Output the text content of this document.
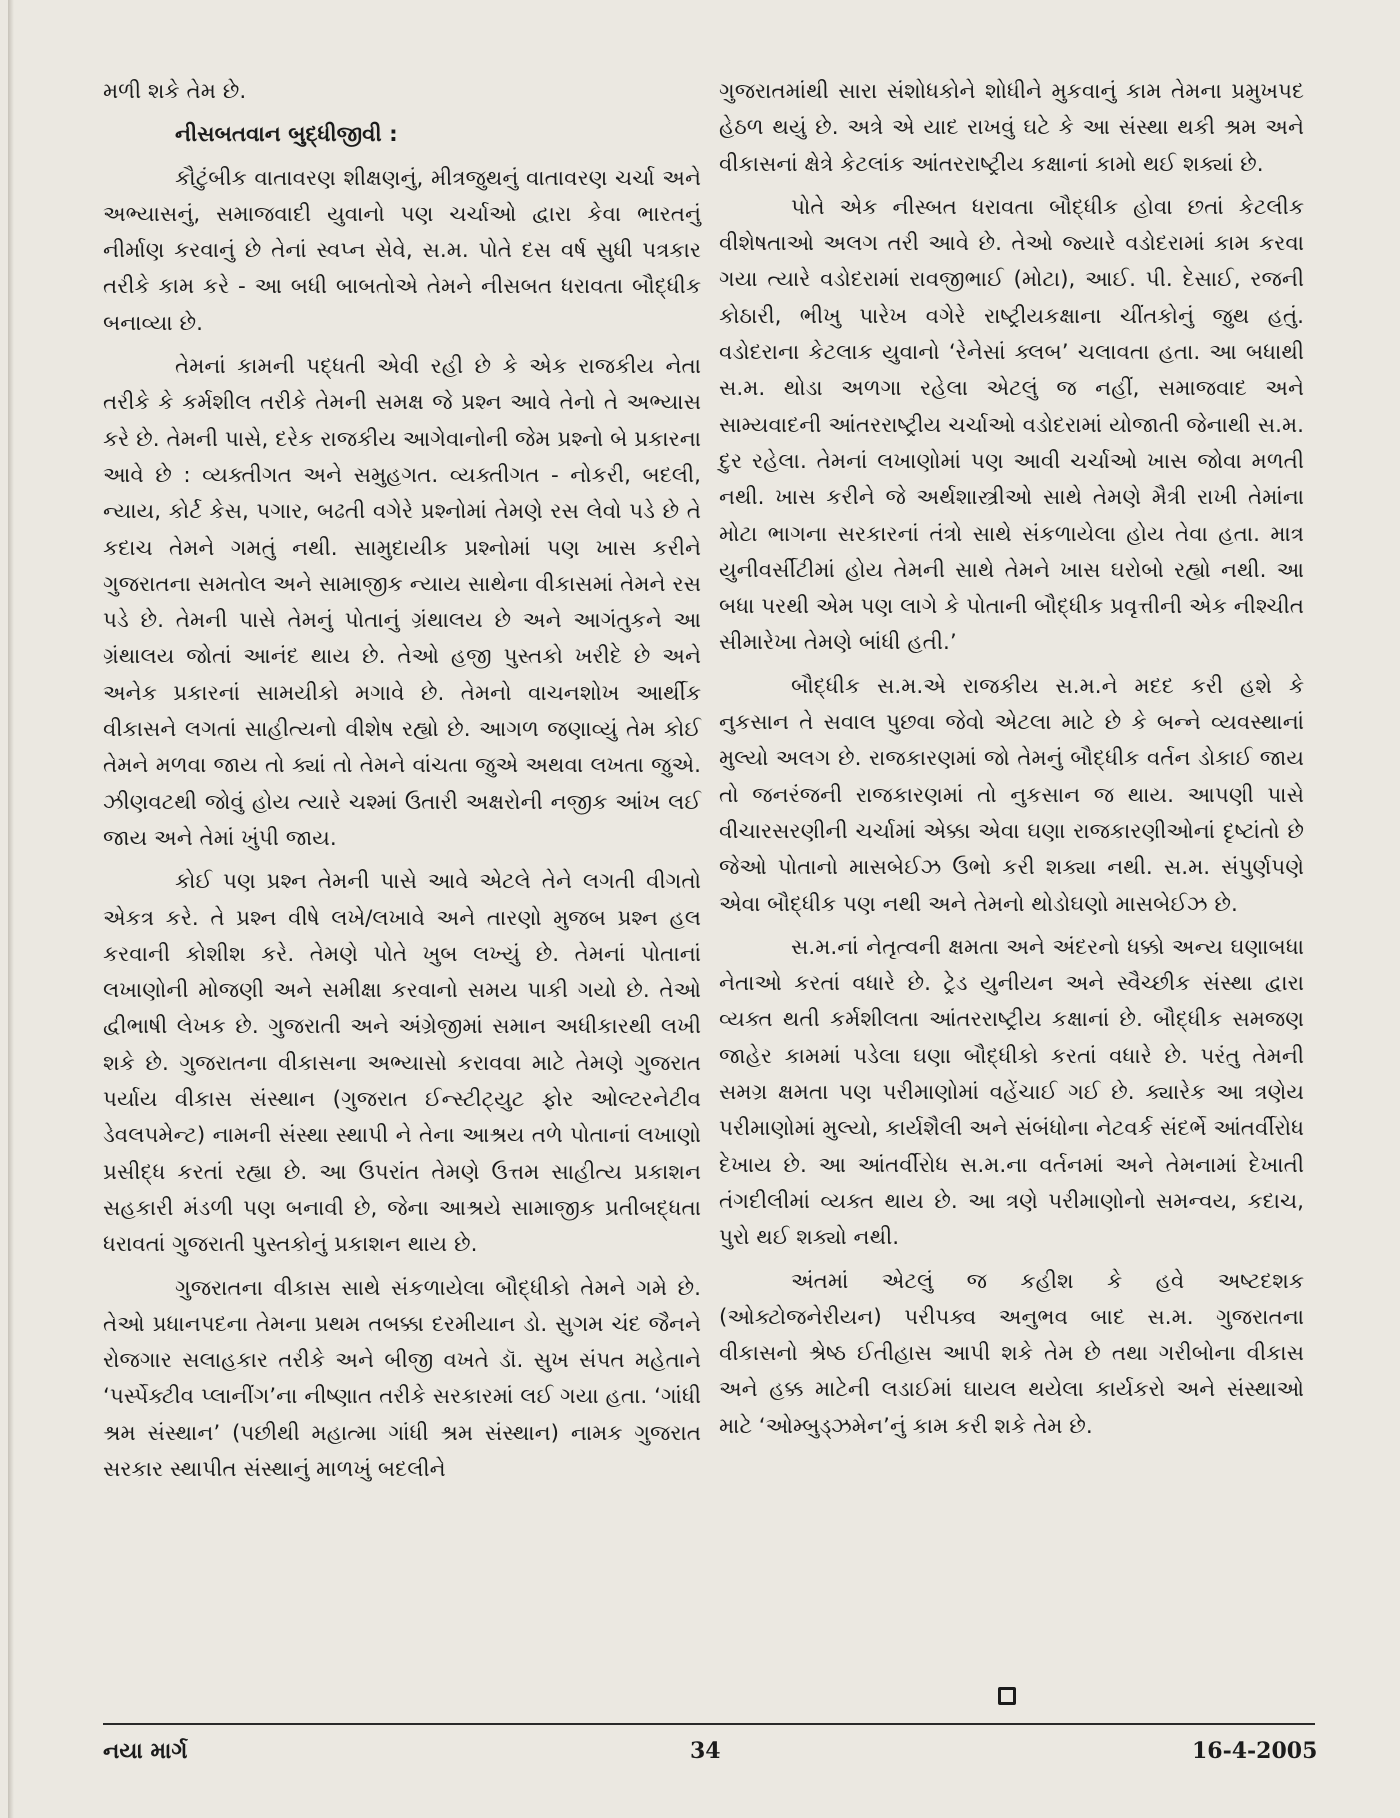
મળી શકે તેમ છે.

નીસબતવાન બુદ્ધીજીવી :

કૌટુંબીક વાતાવરણ શીક્ષણનું, મીત્રજુથનું વાતાવરણ ચર્ચા અને અભ્યાસનું, સમાજવાદી યુવાનો પણ ચર્ચાઓ દ્વારા કેવા ભારતનું નીર્માણ કરવાનું છે તેનાં સ્વપ્ન સેવે, સ.મ. પોતે દસ વર્ષ સુધી પત્રકાર તરીકે કામ કરે - આ બધી બાબતોએ તેમને નીસબત ધરાવતા બૌદ્ધીક બનાવ્યા છે.

તેમનાં કામની પદ્ધતી એવી રહી છે કે એક રાજકીય નેતા તરીકે કે કર્મશીલ તરીકે તેમની સમક્ષ જે પ્રશ્ન આવે તેનો તે અભ્યાસ કરે છે. તેમની પાસે, દરેક રાજકીય આગેવાનોની જેમ પ્રશ્નો બે પ્રકારના આવે છે : વ્યક્તીગત અને સમુહગત. વ્યક્તીગત - નોકરી, બદલી, ન્યાય, કોર્ટ કેસ, પગાર, બઢતી વગેરે પ્રશ્નોમાં તેમણે રસ લેવો પડે છે તે કદાચ તેમને ગમતું નથી. સામુદાયીક પ્રશ્નોમાં પણ ખાસ કરીને ગુજરાતના સમતોલ અને સામાજીક ન્યાય સાથેના વીકાસમાં તેમને રસ પડે છે. તેમની પાસે તેમનું પોતાનું ગ્રંથાલય છે અને આગંતુકને આ ગ્રંથાલય જોતાં આનંદ થાય છે. તેઓ હજી પુસ્તકો ખરીદે છે અને અનેક પ્રકારનાં સામયીકો મગાવે છે. તેમનો વાચનશોખ આર્થીક વીકાસને લગતાં સાહીત્યનો વીશેષ રહ્યો છે. આગળ જણાવ્યું તેમ કોઈ તેમને મળવા જાય તો ક્યાં તો તેમને વાંચતા જુએ અથવા લખતા જુએ. ઝીણવટથી જોવું હોય ત્યારે ચશ્માં ઉતારી અક્ષરોની નજીક આંખ લઈ જાય અને તેમાં ખુંપી જાય.

કોઈ પણ પ્રશ્ન તેમની પાસે આવે એટલે તેને લગતી વીગતો એકત્ર કરે. તે પ્રશ્ન વીષે લખે/લખાવે અને તારણો મુજબ પ્રશ્ન હલ કરવાની કોશીશ કરે. તેમણે પોતે ખુબ લખ્યું છે. તેમનાં પોતાનાં લખાણોની મોજણી અને સમીક્ષા કરવાનો સમય પાકી ગયો છે. તેઓ દ્વીભાષી લેખક છે. ગુજરાતી અને અંગ્રેજીમાં સમાન અધીકારથી લખી શકે છે. ગુજરાતના વીકાસના અભ્યાસો કરાવવા માટે તેમણે ગુજરાત પર્યાય વીકાસ સંસ્થાન (ગુજરાત ઈન્સ્ટીટ્યુટ ફોર ઓલ્ટરનેટીવ ડેવલપમેન્ટ) નામની સંસ્થા સ્થાપી ને તેના આશ્રય તળે પોતાનાં લખાણો પ્રસીદ્ધ કરતાં રહ્યા છે. આ ઉપરાંત તેમણે ઉત્તમ સાહીત્ય પ્રકાશન સહકારી મંડળી પણ બનાવી છે, જેના આશ્રયે સામાજીક પ્રતીબદ્ધતા ધરાવતાં ગુજરાતી પુસ્તકોનું પ્રકાશન થાય છે.

ગુજરાતના વીકાસ સાથે સંકળાયેલા બૌદ્ધીકો તેમને ગમે છે. તેઓ પ્રધાનપદના તેમના પ્રથમ તબક્કા દરમીયાન ડો. સુગમ ચંદ જૈનને રોજગાર સલાહકાર તરીકે અને બીજી વખતે ડૉ. સુખ સંપત મહેતાને ‘પર્સ્પેક્ટીવ પ્લાનીંગ’ના નીષ્ણાત તરીકે સરકારમાં લઈ ગયા હતા. ‘ગાંધી શ્રમ સંસ્થાન’ (પછીથી મહાત્મા ગાંધી શ્રમ સંસ્થાન) નામક ગુજરાત સરકાર સ્થાપીત સંસ્થાનું માળખું બદલીને

ગુજરાતમાંથી સારા સંશોધકોને શોધીને મુકવાનું કામ તેમના પ્રમુખપદ હેઠળ થયું છે. અત્રે એ યાદ રાખવું ઘટે કે આ સંસ્થા થકી શ્રમ અને વીકાસનાં ક્ષેત્રે કેટલાંક આંતરરાષ્ટ્રીય કક્ષાનાં કામો થઈ શક્યાં છે.

પોતે એક નીસ્બત ધરાવતા બૌદ્ધીક હોવા છતાં કેટલીક વીશેષતાઓ અલગ તરી આવે છે. તેઓ જ્યારે વડોદરામાં કામ કરવા ગયા ત્યારે વડોદરામાં રાવજીભાઈ (મોટા), આઈ. પી. દેસાઈ, રજની કોઠારી, ભીખુ પારેખ વગેરે રાષ્ટ્રીયકક્ષાના ચીંતકોનું જુથ હતું. વડોદરાના કેટલાક યુવાનો ‘રેનેસાં ક્લબ’ ચલાવતા હતા. આ બધાથી સ.મ. થોડા અળગા રહેલા એટલું જ નહીં, સમાજવાદ અને સામ્યવાદની આંતરરાષ્ટ્રીય ચર્ચાઓ વડોદરામાં યોજાતી જેનાથી સ.મ. દુર રહેલા. તેમનાં લખાણોમાં પણ આવી ચર્ચાઓ ખાસ જોવા મળતી નથી. ખાસ કરીને જે અર્થશાસ્ત્રીઓ સાથે તેમણે મૈત્રી રાખી તેમાંના મોટા ભાગના સરકારનાં તંત્રો સાથે સંકળાયેલા હોય તેવા હતા. માત્ર યુનીવર્સીટીમાં હોય તેમની સાથે તેમને ખાસ ઘરોબો રહ્યો નથી. આ બધા પરથી એમ પણ લાગે કે પોતાની બૌદ્ધીક પ્રવૃત્તીની એક નીશ્ચીત સીમારેખા તેમણે બાંધી હતી.’

બૌદ્ધીક સ.મ.એ રાજકીય સ.મ.ને મદદ કરી હશે કે નુકસાન તે સવાલ પુછવા જેવો એટલા માટે છે કે બન્ને વ્યવસ્થાનાં મુલ્યો અલગ છે. રાજકારણમાં જો તેમનું બૌદ્ધીક વર્તન ડોકાઈ જાય તો જનરંજની રાજકારણમાં તો નુકસાન જ થાય. આપણી પાસે વીચારસરણીની ચર્ચામાં એક્કા એવા ઘણા રાજકારણીઓનાં દૃષ્ટાંતો છે જેઓ પોતાનો માસબેઈઝ ઉભો કરી શક્યા નથી. સ.મ. સંપુર્ણપણે એવા બૌદ્ધીક પણ નથી અને તેમનો થોડોઘણો માસબેઈઝ છે.

સ.મ.નાં નેતૃત્વની ક્ષમતા અને અંદરનો ધક્કો અન્ય ઘણાબધા નેતાઓ કરતાં વધારે છે. ટ્રેડ યુનીયન અને સ્વૈચ્છીક સંસ્થા દ્વારા વ્યક્ત થતી કર્મશીલતા આંતરરાષ્ટ્રીય કક્ષાનાં છે. બૌદ્ધીક સમજણ જાહેર કામમાં પડેલા ઘણા બૌદ્ધીકો કરતાં વધારે છે. પરંતુ તેમની સમગ્ર ક્ષમતા પણ પરીમાણોમાં વહેંચાઈ ગઈ છે. ક્યારેક આ ત્રણેય પરીમાણોમાં મુલ્યો, કાર્યશૈલી અને સંબંધોના નેટવર્ક સંદર્ભે આંતર્વીરોધ દેખાય છે. આ આંતર્વીરોધ સ.મ.ના વર્તનમાં અને તેમનામાં દેખાતી તંગદીલીમાં વ્યક્ત થાય છે. આ ત્રણે પરીમાણોનો સમન્વય, કદાચ, પુરો થઈ શક્યો નથી.

અંતમાં એટલું જ કહીશ કે હવે અષ્ટદશક (ઓક્ટોજનેરીયન) પરીપક્વ અનુભવ બાદ સ.મ. ગુજરાતના વીકાસનો શ્રેષ્ઠ ઈતીહાસ આપી શકે તેમ છે તથા ગરીબોના વીકાસ અને હક્ક માટેની લડાઈમાં ઘાયલ થયેલા કાર્યકરો અને સંસ્થાઓ માટે ‘ઓમ્બુડ્ઝમેન’નું કામ કરી શકે તેમ છે.

નયા માર્ગ	34	16-4-2005
